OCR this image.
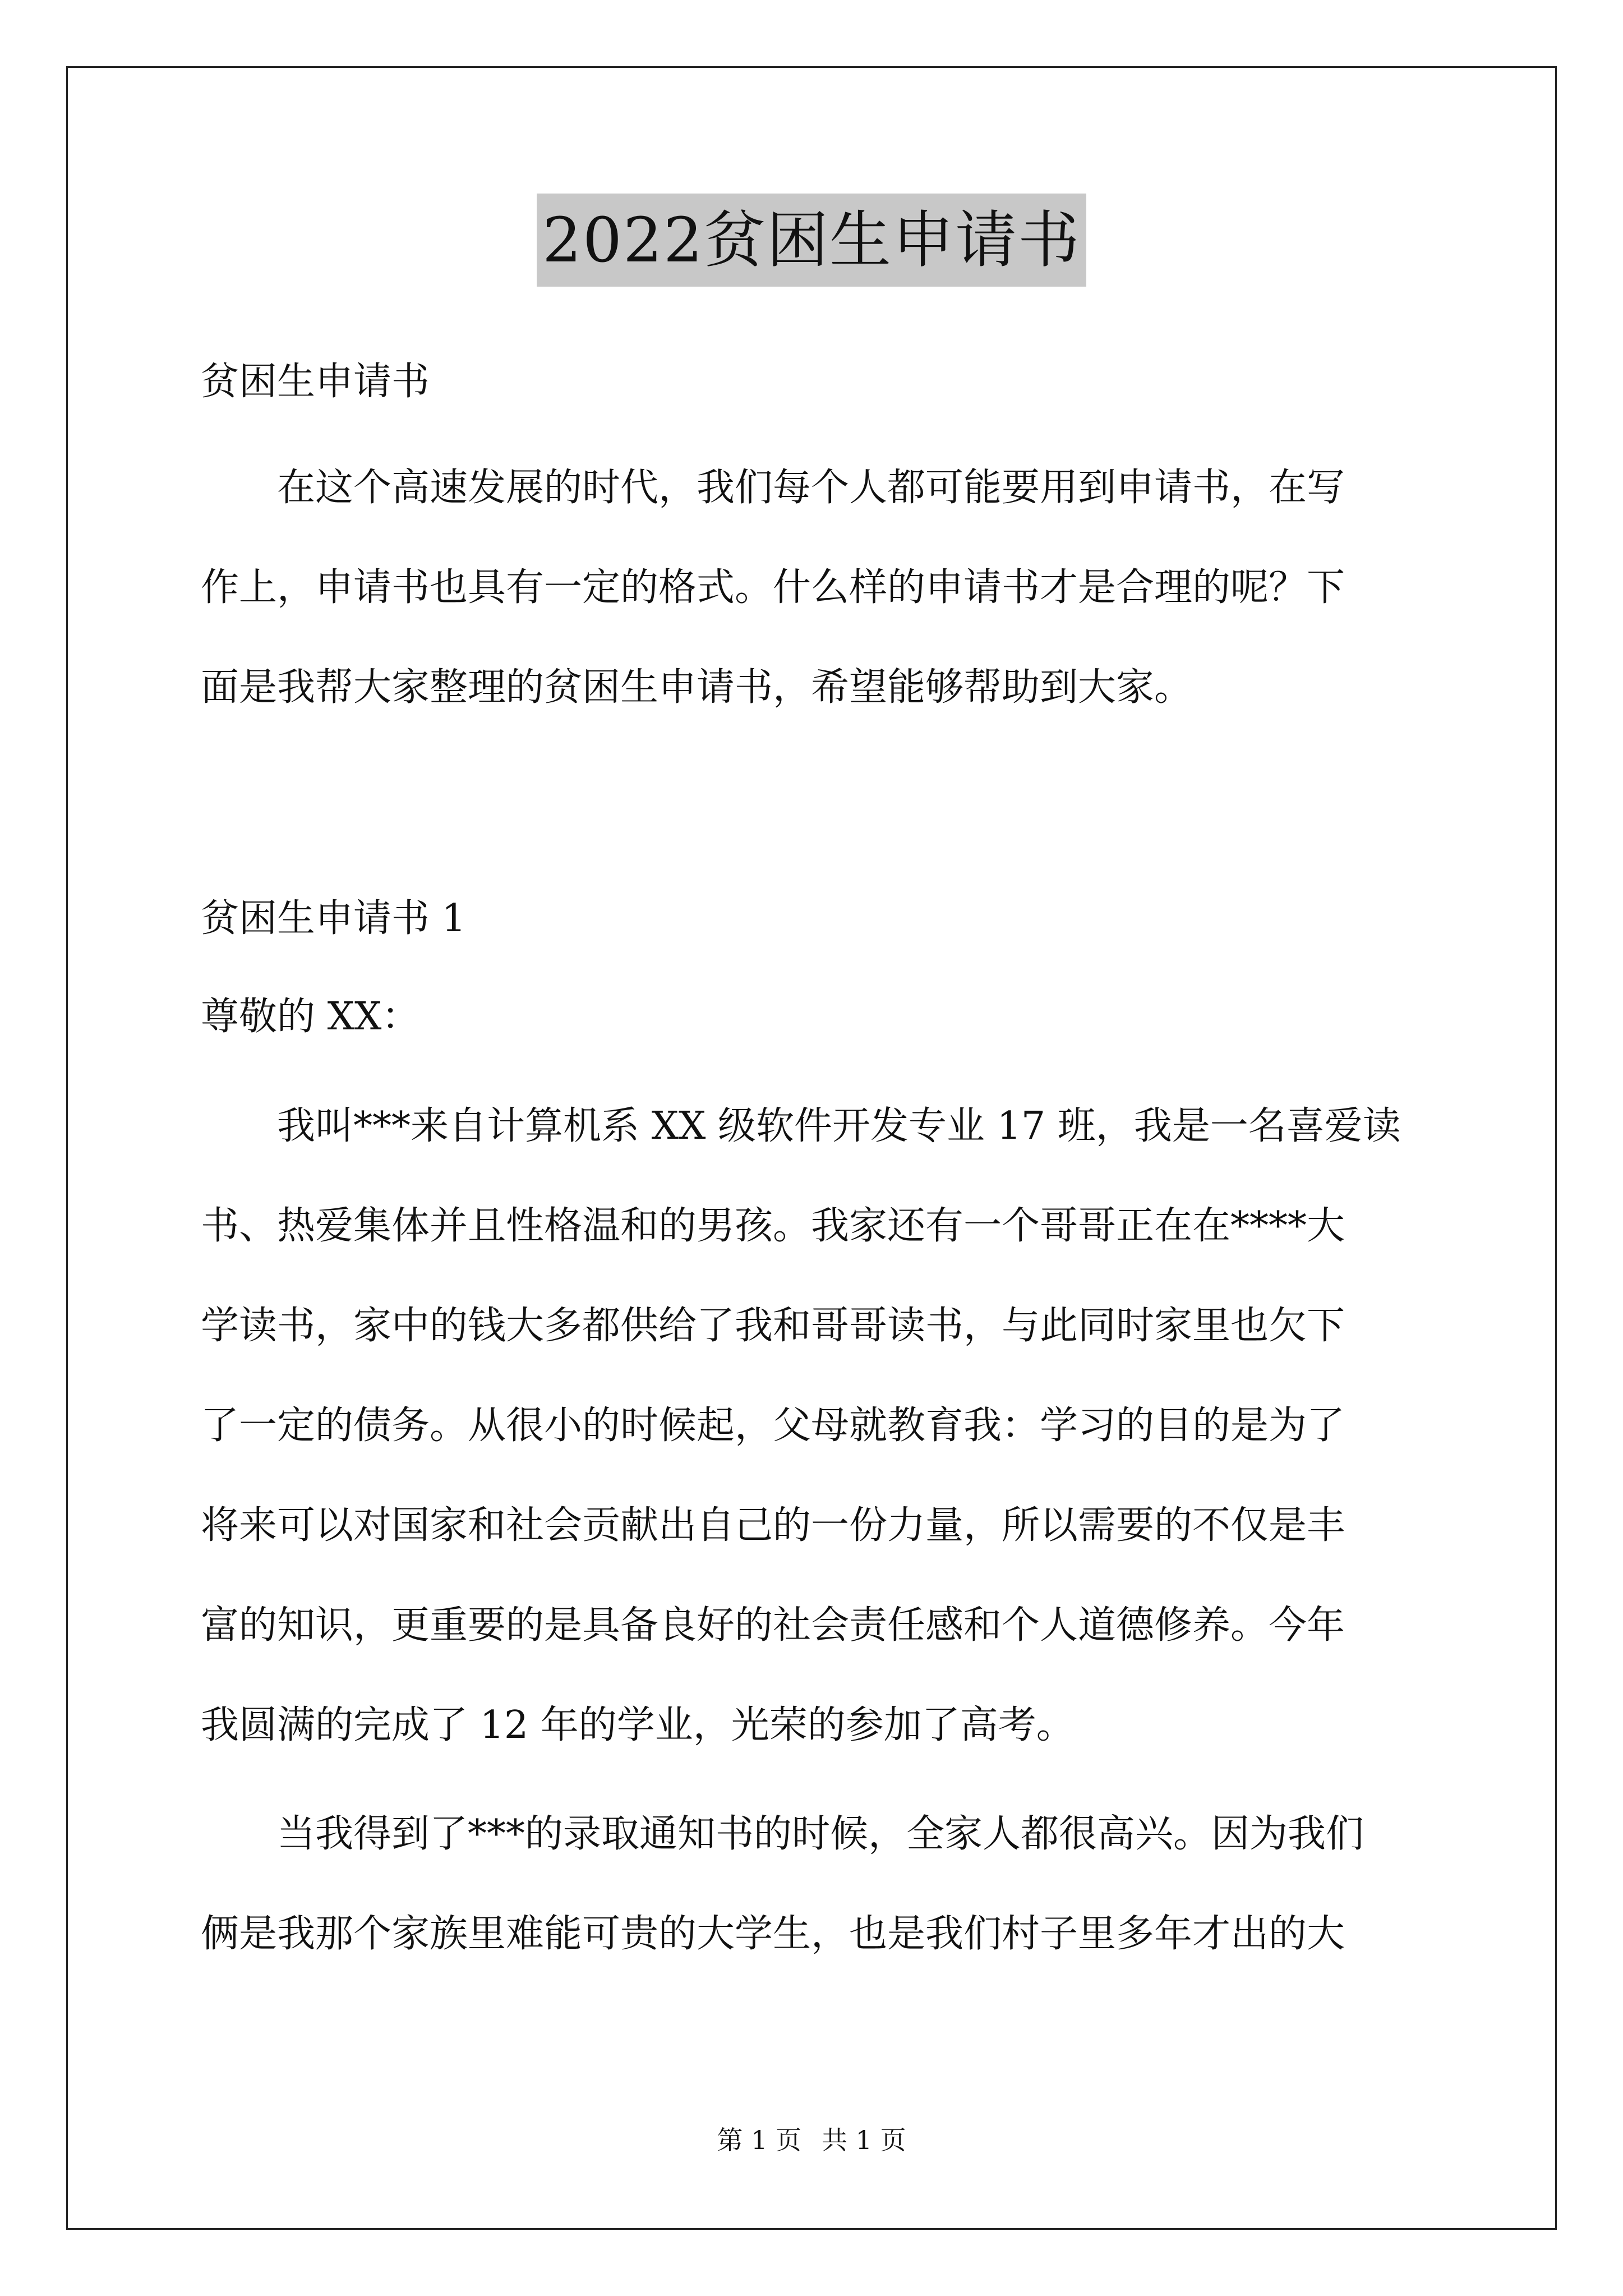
2022贫困生申请书
贫困生申请书
在这个高速发展的时代，我们每个人都可能要用到申请书，在写
作上，申请书也具有一定的格式。什么样的申请书才是合理的呢？下
面是我帮大家整理的贫困生申请书，希望能够帮助到大家。
贫困生申请书 1
尊敬的 XX：
我叫***来自计算机系 XX 级软件开发专业 17 班，我是一名喜爱读
书、热爱集体并且性格温和的男孩。我家还有一个哥哥正在在****大
学读书，家中的钱大多都供给了我和哥哥读书，与此同时家里也欠下
了一定的债务。从很小的时候起，父母就教育我：学习的目的是为了
将来可以对国家和社会贡献出自己的一份力量，所以需要的不仅是丰
富的知识，更重要的是具备良好的社会责任感和个人道德修养。今年
我圆满的完成了 12 年的学业，光荣的参加了高考。
当我得到了***的录取通知书的时候，全家人都很高兴。因为我们
俩是我那个家族里难能可贵的大学生，也是我们村子里多年才出的大
第 1 页 共 1 页
